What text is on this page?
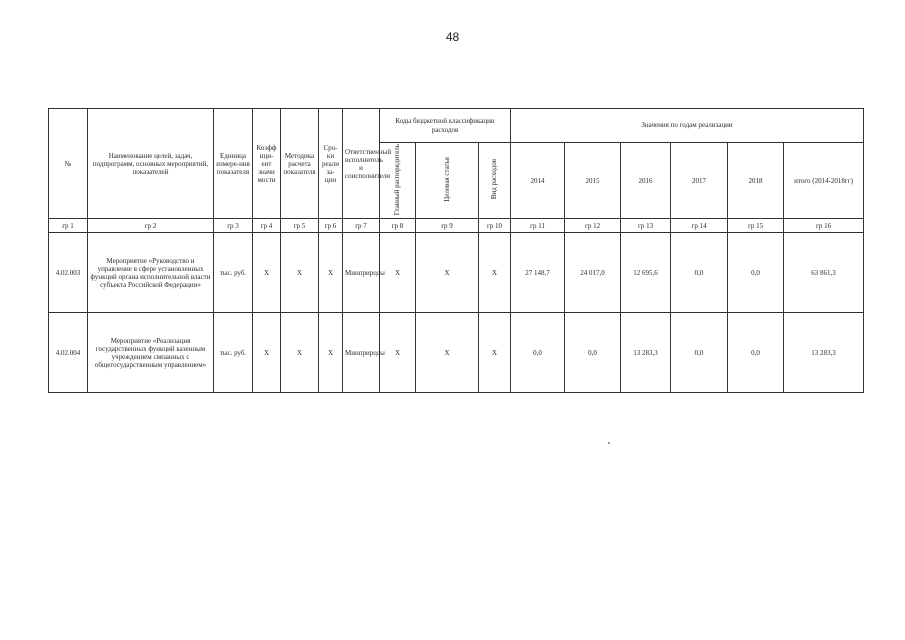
48
№	Наименование целей, задач, подпрограмм, основных мероприятий, показателей	Единица измере-ния показателя	Коэфф ици-ент значи мости	Методика расчета показателя	Сро-ки реали за-ции	Ответственный исполнитель и соисполнители	Коды бюджетной классификации расходов			Значения по годам реализации					
							Главный распорядитель	Целевая статья	Вид расходов	2014	2015	2016	2017	2018	итого (2014-2018гг)
гр 1	гр 2	гр 3	гр 4	гр 5	гр 6	гр 7	гр 8	гр 9	гр 10	гр 11	гр 12	гр 13	гр 14	гр 15	гр 16
4.02.003	Мероприятие «Руководство и управление в сфере установленных функций органа исполнительной власти субъекта Российской Федерации»	тыс. руб.	X	X	X	Минприроды	X	X	X	27 148,7	24 017,0	12 695,6	0,0	0,0	63 861,3
4.02.004	Мероприятие «Реализация государственных функций казенным учреждением связанных с общегосударственным управлением»	тыс. руб.	X	X	X	Минприроды	X	X	X	0,0	0,0	13 283,3	0,0	0,0	13 283,3
